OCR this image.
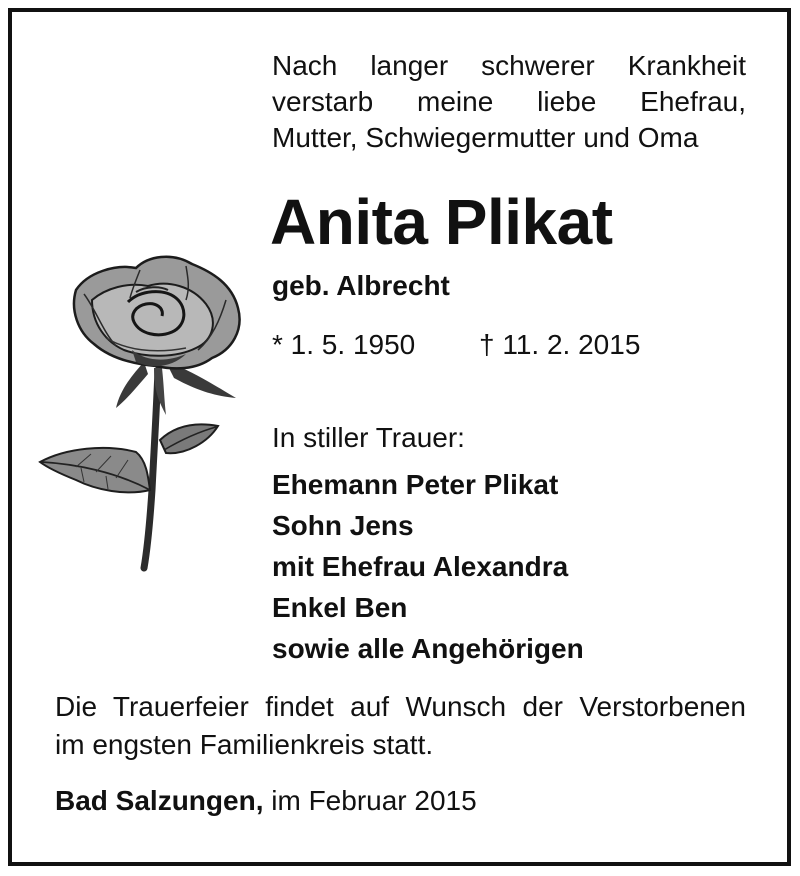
Nach langer schwerer Krankheit
verstarb meine liebe Ehefrau,
Mutter, Schwiegermutter und Oma
Anita Plikat
geb. Albrecht
* 1. 5. 1950 † 11. 2. 2015
In stiller Trauer:
Ehemann Peter Plikat
Sohn Jens
mit Ehefrau Alexandra
Enkel Ben
sowie alle Angehörigen
Die Trauerfeier findet auf Wunsch der Verstorbenen
im engsten Familienkreis statt.
Bad Salzungen, im Februar 2015
